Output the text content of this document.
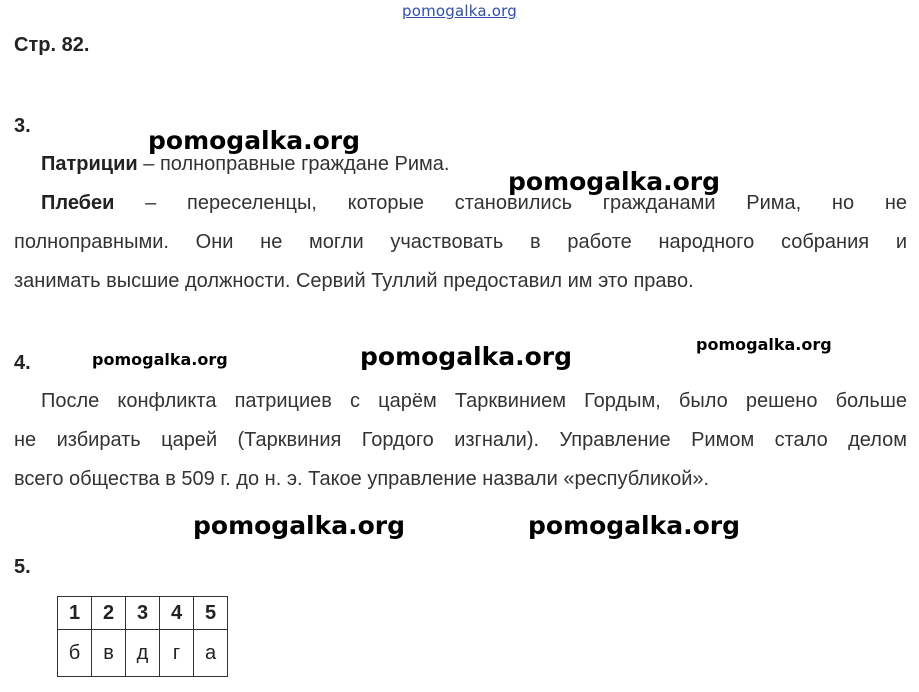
pomogalka.org
Стр. 82.
3.
Патриции – полноправные граждане Рима.
Плебеи – переселенцы, которые становились гражданами Рима, но не
полноправными. Они не могли участвовать в работе народного собрания и
занимать высшие должности. Сервий Туллий предоставил им это право.
4.
После конфликта патрициев с царём Тарквинием Гордым, было решено больше
не избирать царей (Тарквиния Гордого изгнали). Управление Римом стало делом
всего общества в 509 г. до н. э. Такое управление назвали «республикой».
5.
1	2	3	4	5
б	в	д	г	а
pomogalka.org
pomogalka.org
pomogalka.org	pomogalka.org	pomogalka.org
pomogalka.org	pomogalka.org
